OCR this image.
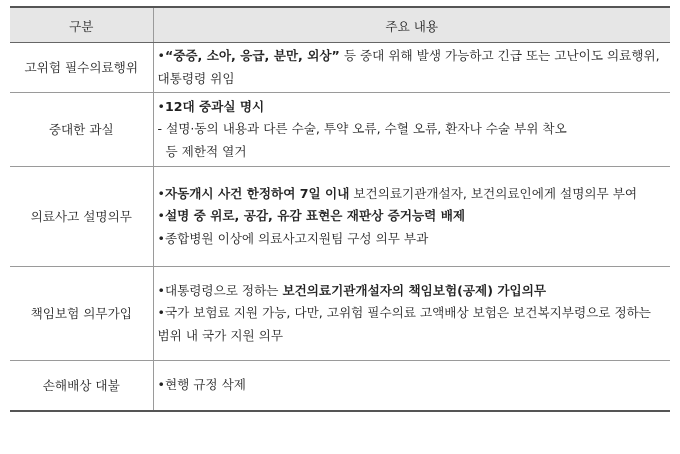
구분	주요 내용
고위험 필수의료행위	•“중증, 소아, 응급, 분만, 외상” 등 중대 위해 발생 가능하고 긴급 또는 고난이도 의료행위, 대통령령 위임

중대한 과실	•12대 중과실 명시
- 설명·동의 내용과 다른 수술, 투약 오류, 수혈 오류, 환자나 수술 부위 착오
등 제한적 열거

의료사고 설명의무	•자동개시 사건 한정하여 7일 이내 보건의료기관개설자, 보건의료인에게 설명의무 부여
•설명 중 위로, 공감, 유감 표현은 재판상 증거능력 배제
•종합병원 이상에 의료사고지원팀 구성 의무 부과

책임보험 의무가입	•대통령령으로 정하는 보건의료기관개설자의 책임보험(공제) 가입의무
•국가 보험료 지원 가능, 다만, 고위험 필수의료 고액배상 보험은 보건복지부령으로 정하는 범위 내 국가 지원 의무

손해배상 대불	•현행 규정 삭제
